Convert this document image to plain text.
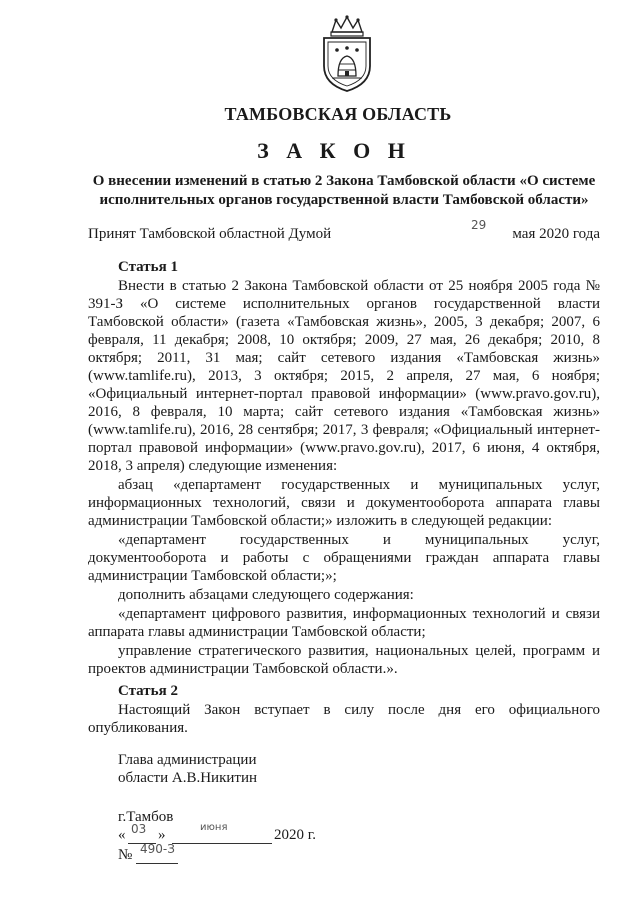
ТАМБОВСКАЯ ОБЛАСТЬ
З А К О Н
О внесении изменений в статью 2 Закона Тамбовской области «О системе исполнительных органов государственной власти Тамбовской области»
Принят Тамбовской областной Думой	мая 2020 года
29
Статья 1

Внести в статью 2 Закона Тамбовской области от 25 ноября 2005 года № 391-З «О системе исполнительных органов государственной власти Тамбовской области» (газета «Тамбовская жизнь», 2005, 3 декабря; 2007, 6 февраля, 11 декабря; 2008, 10 октября; 2009, 27 мая, 26 декабря; 2010, 8 октября; 2011, 31 мая; сайт сетевого издания «Тамбовская жизнь» (www.tamlife.ru), 2013, 3 октября; 2015, 2 апреля, 27 мая, 6 ноября; «Официальный интернет-портал правовой информации» (www.pravo.gov.ru), 2016, 8 февраля, 10 марта; сайт сетевого издания «Тамбовская жизнь» (www.tamlife.ru), 2016, 28 сентября; 2017, 3 февраля; «Официальный интернет-портал правовой информации» (www.pravo.gov.ru), 2017, 6 июня, 4 октября, 2018, 3 апреля) следующие изменения:

абзац «департамент государственных и муниципальных услуг, информационных технологий, связи и документооборота аппарата главы администрации Тамбовской области;» изложить в следующей редакции:

«департамент государственных и муниципальных услуг, документооборота и работы с обращениями граждан аппарата главы администрации Тамбовской области;»;

дополнить абзацами следующего содержания:

«департамент цифрового развития, информационных технологий и связи аппарата главы администрации Тамбовской области;

управление стратегического развития, национальных целей, программ и проектов администрации Тамбовской области.».

Статья 2

Настоящий Закон вступает в силу после дня его официального опубликования.

Глава администрации
области А.В.Никитин
г.Тамбов
« 03 »	июня	2020 г.
№ 490-З
